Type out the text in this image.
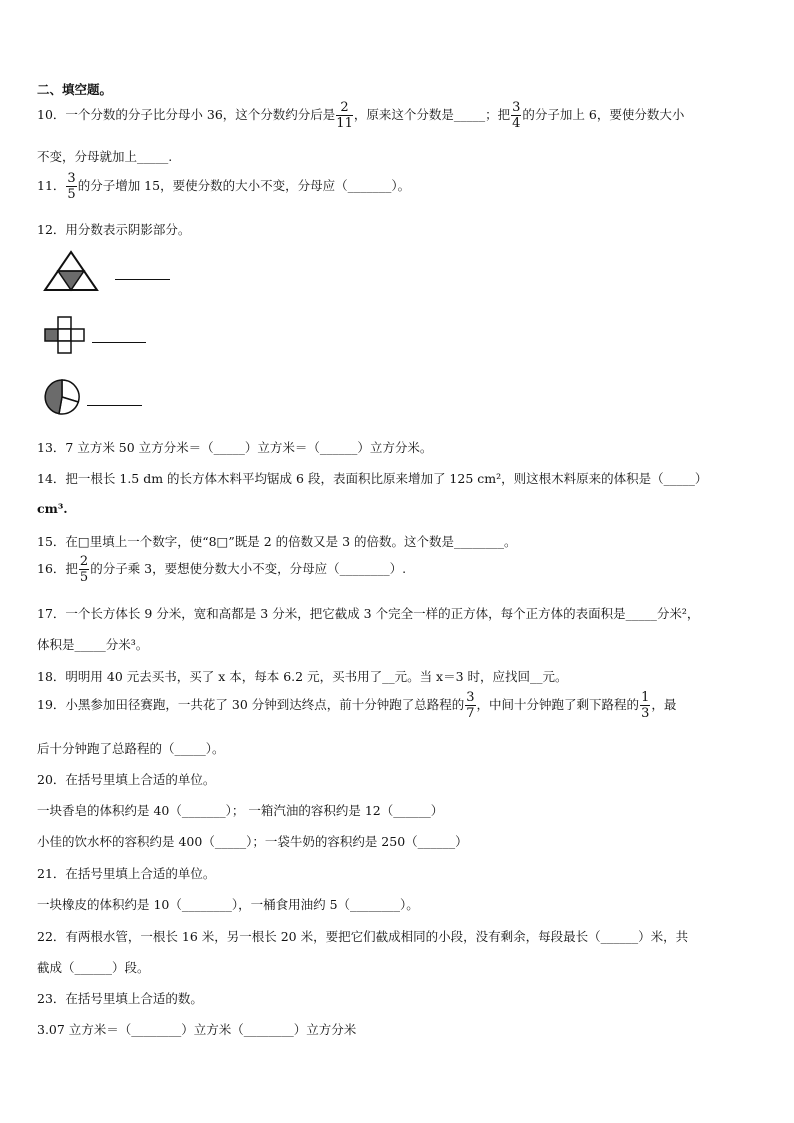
二、填空题。
10．一个分数的分子比分母小 36，这个分数约分后是 $\frac{2}{11}$ ，原来这个分数是_____；把 $\frac{3}{4}$ 的分子加上 6，要使分数大小
不变，分母就加上_____.
11． $\frac{3}{5}$ 的分子增加 15，要使分数的大小不变，分母应（_______）。
12．用分数表示阴影部分。
13．7 立方米 50 立方分米＝（_____）立方米＝（______）立方分米。
14．把一根长 1.5 dm 的长方体木料平均锯成 6 段，表面积比原来增加了 125 cm²，则这根木料原来的体积是（_____）
cm³.
15．在□里填上一个数字，使“8□”既是 2 的倍数又是 3 的倍数。这个数是________。
16．把 $\frac{2}{5}$ 的分子乘 3，要想使分数大小不变，分母应（________）.
17．一个长方体长 9 分米，宽和高都是 3 分米，把它截成 3 个完全一样的正方体，每个正方体的表面积是_____分米²，
体积是_____分米³。
18．明明用 40 元去买书，买了 x 本，每本 6.2 元，买书用了__元。当 x＝3 时，应找回__元。
19．小黑参加田径赛跑，一共花了 30 分钟到达终点，前十分钟跑了总路程的 $\frac{3}{7}$ ，中间十分钟跑了剩下路程的 $\frac{1}{3}$ ，最
后十分钟跑了总路程的（_____）。
20．在括号里填上合适的单位。
一块香皂的体积约是 40（_______）； 一箱汽油的容积约是 12（______）
小佳的饮水杯的容积约是 400（_____）；一袋牛奶的容积约是 250（______）
21．在括号里填上合适的单位。
一块橡皮的体积约是 10（________），一桶食用油约 5（________）。
22．有两根水管，一根长 16 米，另一根长 20 米，要把它们截成相同的小段，没有剩余，每段最长（______）米，共
截成（______）段。
23．在括号里填上合适的数。
3.07 立方米＝（________）立方米（________）立方分米
